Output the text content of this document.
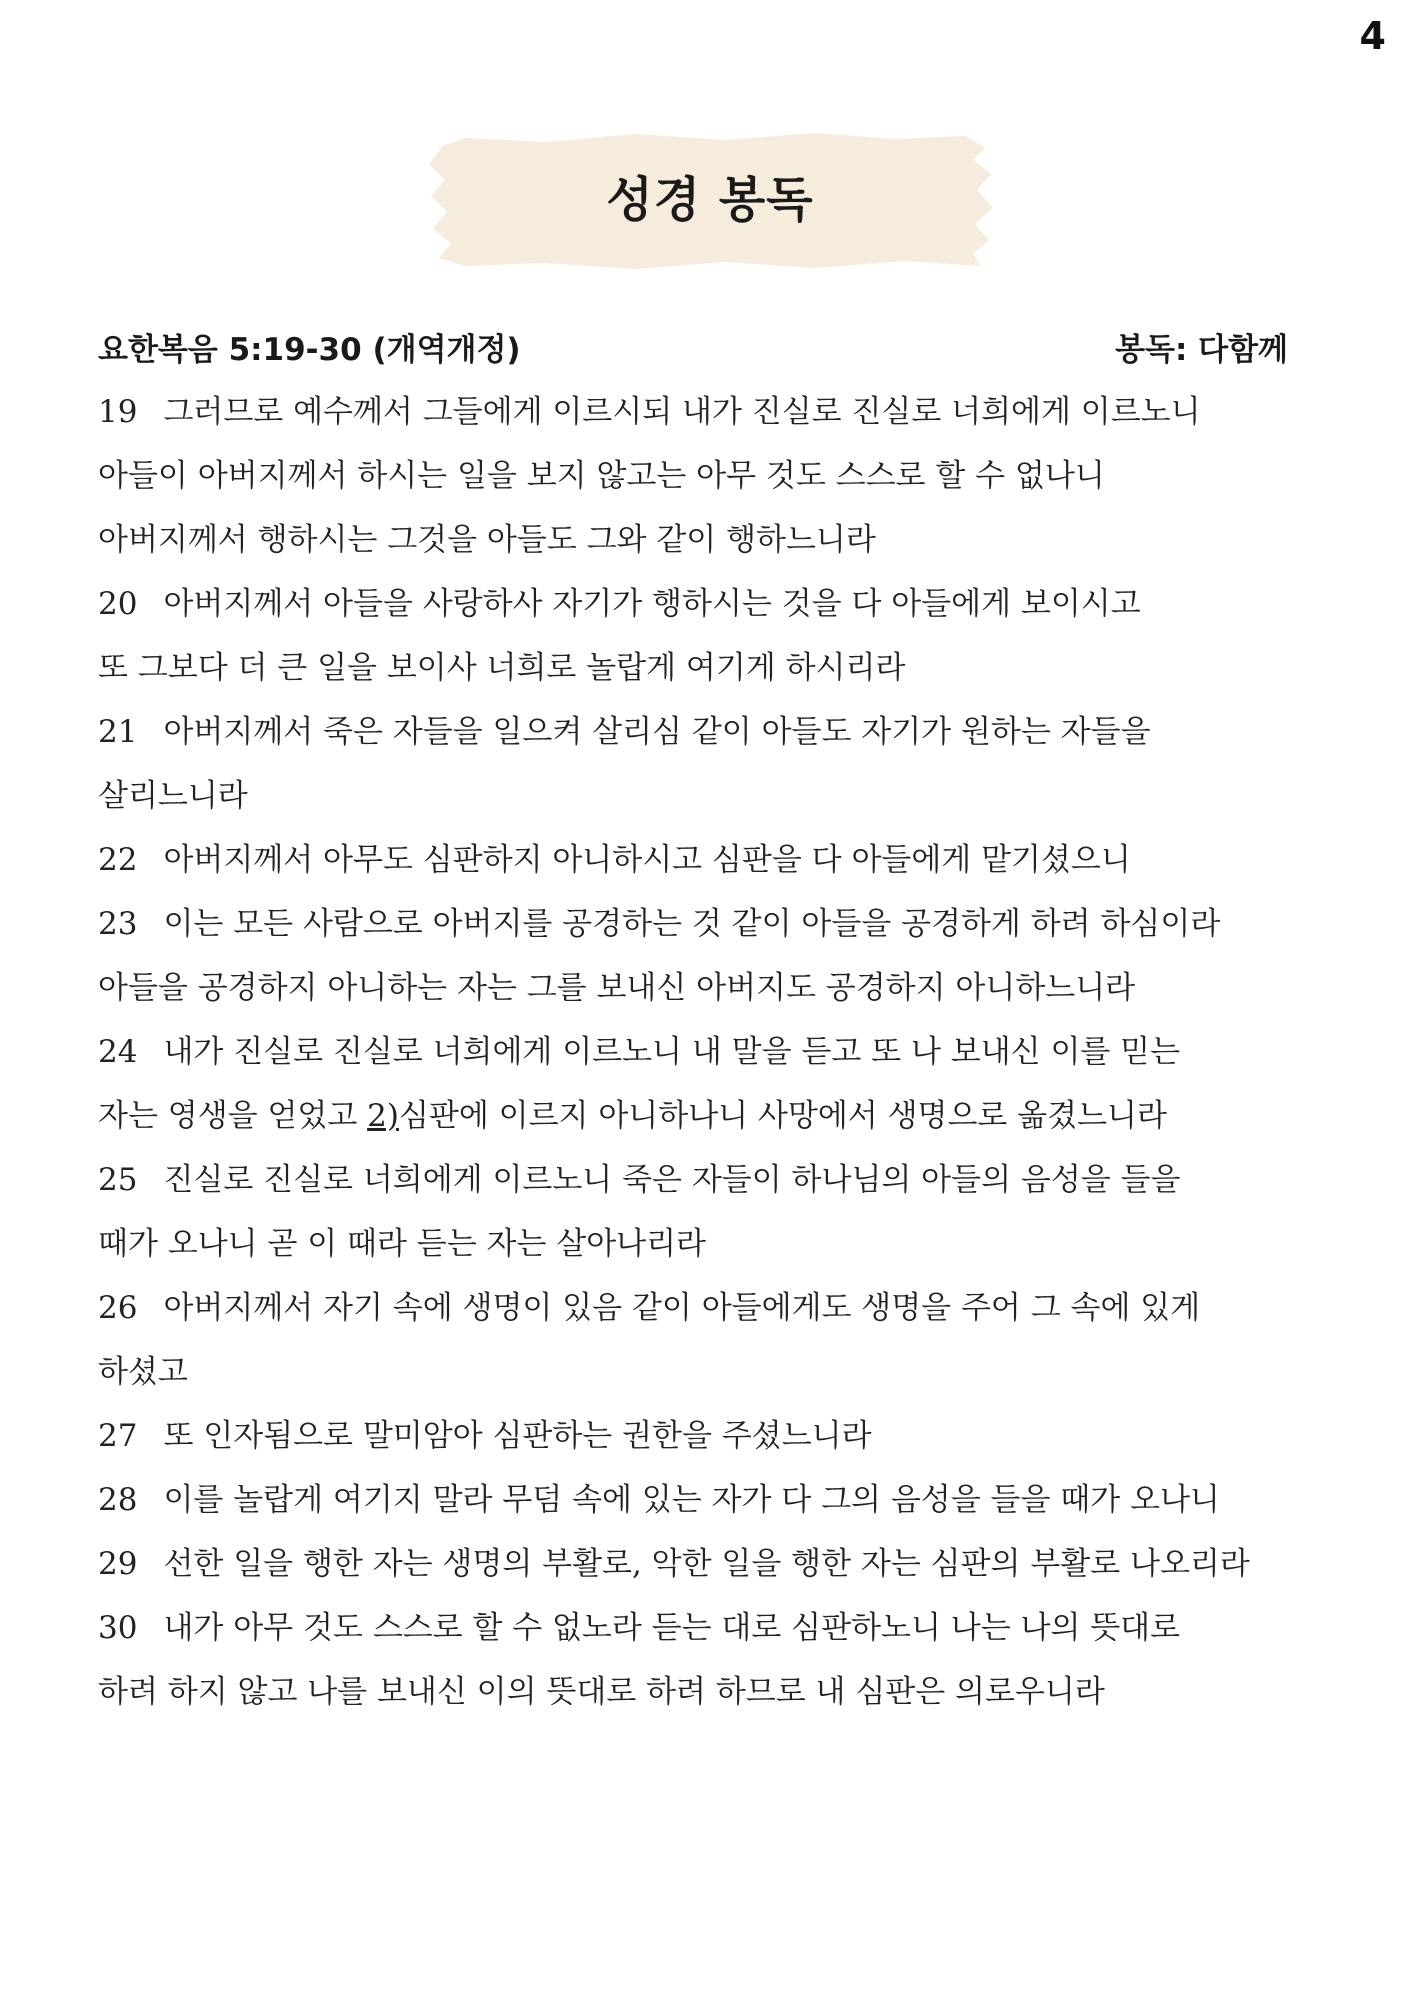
4
성경 봉독
요한복음 5:19-30 (개역개정)	봉독: 다함께
19 그러므로 예수께서 그들에게 이르시되 내가 진실로 진실로 너희에게 이르노니
아들이 아버지께서 하시는 일을 보지 않고는 아무 것도 스스로 할 수 없나니
아버지께서 행하시는 그것을 아들도 그와 같이 행하느니라
20 아버지께서 아들을 사랑하사 자기가 행하시는 것을 다 아들에게 보이시고
또 그보다 더 큰 일을 보이사 너희로 놀랍게 여기게 하시리라
21 아버지께서 죽은 자들을 일으켜 살리심 같이 아들도 자기가 원하는 자들을
살리느니라
22 아버지께서 아무도 심판하지 아니하시고 심판을 다 아들에게 맡기셨으니
23 이는 모든 사람으로 아버지를 공경하는 것 같이 아들을 공경하게 하려 하심이라
아들을 공경하지 아니하는 자는 그를 보내신 아버지도 공경하지 아니하느니라
24 내가 진실로 진실로 너희에게 이르노니 내 말을 듣고 또 나 보내신 이를 믿는
자는 영생을 얻었고 2)심판에 이르지 아니하나니 사망에서 생명으로 옮겼느니라
25 진실로 진실로 너희에게 이르노니 죽은 자들이 하나님의 아들의 음성을 들을
때가 오나니 곧 이 때라 듣는 자는 살아나리라
26 아버지께서 자기 속에 생명이 있음 같이 아들에게도 생명을 주어 그 속에 있게
하셨고
27 또 인자됨으로 말미암아 심판하는 권한을 주셨느니라
28 이를 놀랍게 여기지 말라 무덤 속에 있는 자가 다 그의 음성을 들을 때가 오나니
29 선한 일을 행한 자는 생명의 부활로, 악한 일을 행한 자는 심판의 부활로 나오리라
30 내가 아무 것도 스스로 할 수 없노라 듣는 대로 심판하노니 나는 나의 뜻대로
하려 하지 않고 나를 보내신 이의 뜻대로 하려 하므로 내 심판은 의로우니라
